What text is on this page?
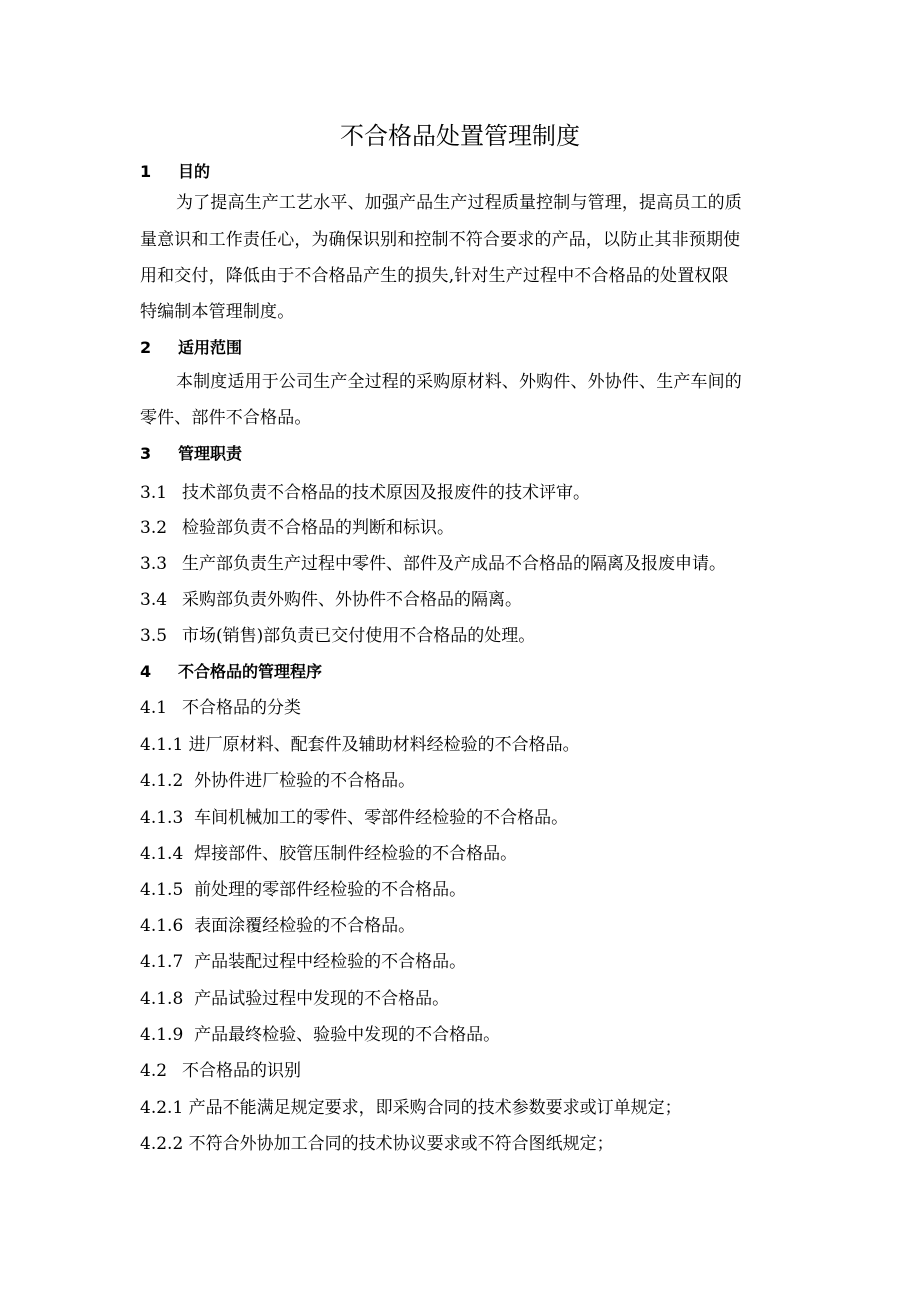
不合格品处置管理制度
1 目的
为了提高生产工艺水平、加强产品生产过程质量控制与管理，提高员工的质
量意识和工作责任心，为确保识别和控制不符合要求的产品，以防止其非预期使
用和交付，降低由于不合格品产生的损失,针对生产过程中不合格品的处置权限
特编制本管理制度。
2 适用范围
本制度适用于公司生产全过程的采购原材料、外购件、外协件、生产车间的
零件、部件不合格品。
3 管理职责
3.1 技术部负责不合格品的技术原因及报废件的技术评审。
3.2 检验部负责不合格品的判断和标识。
3.3 生产部负责生产过程中零件、部件及产成品不合格品的隔离及报废申请。
3.4 采购部负责外购件、外协件不合格品的隔离。
3.5 市场(销售)部负责已交付使用不合格品的处理。
4 不合格品的管理程序
4.1 不合格品的分类
4.1.1 进厂原材料、配套件及辅助材料经检验的不合格品。
4.1.2 外协件进厂检验的不合格品。
4.1.3 车间机械加工的零件、零部件经检验的不合格品。
4.1.4 焊接部件、胶管压制件经检验的不合格品。
4.1.5 前处理的零部件经检验的不合格品。
4.1.6 表面涂覆经检验的不合格品。
4.1.7 产品装配过程中经检验的不合格品。
4.1.8 产品试验过程中发现的不合格品。
4.1.9 产品最终检验、验验中发现的不合格品。
4.2 不合格品的识别
4.2.1 产品不能满足规定要求，即采购合同的技术参数要求或订单规定；
4.2.2 不符合外协加工合同的技术协议要求或不符合图纸规定；
